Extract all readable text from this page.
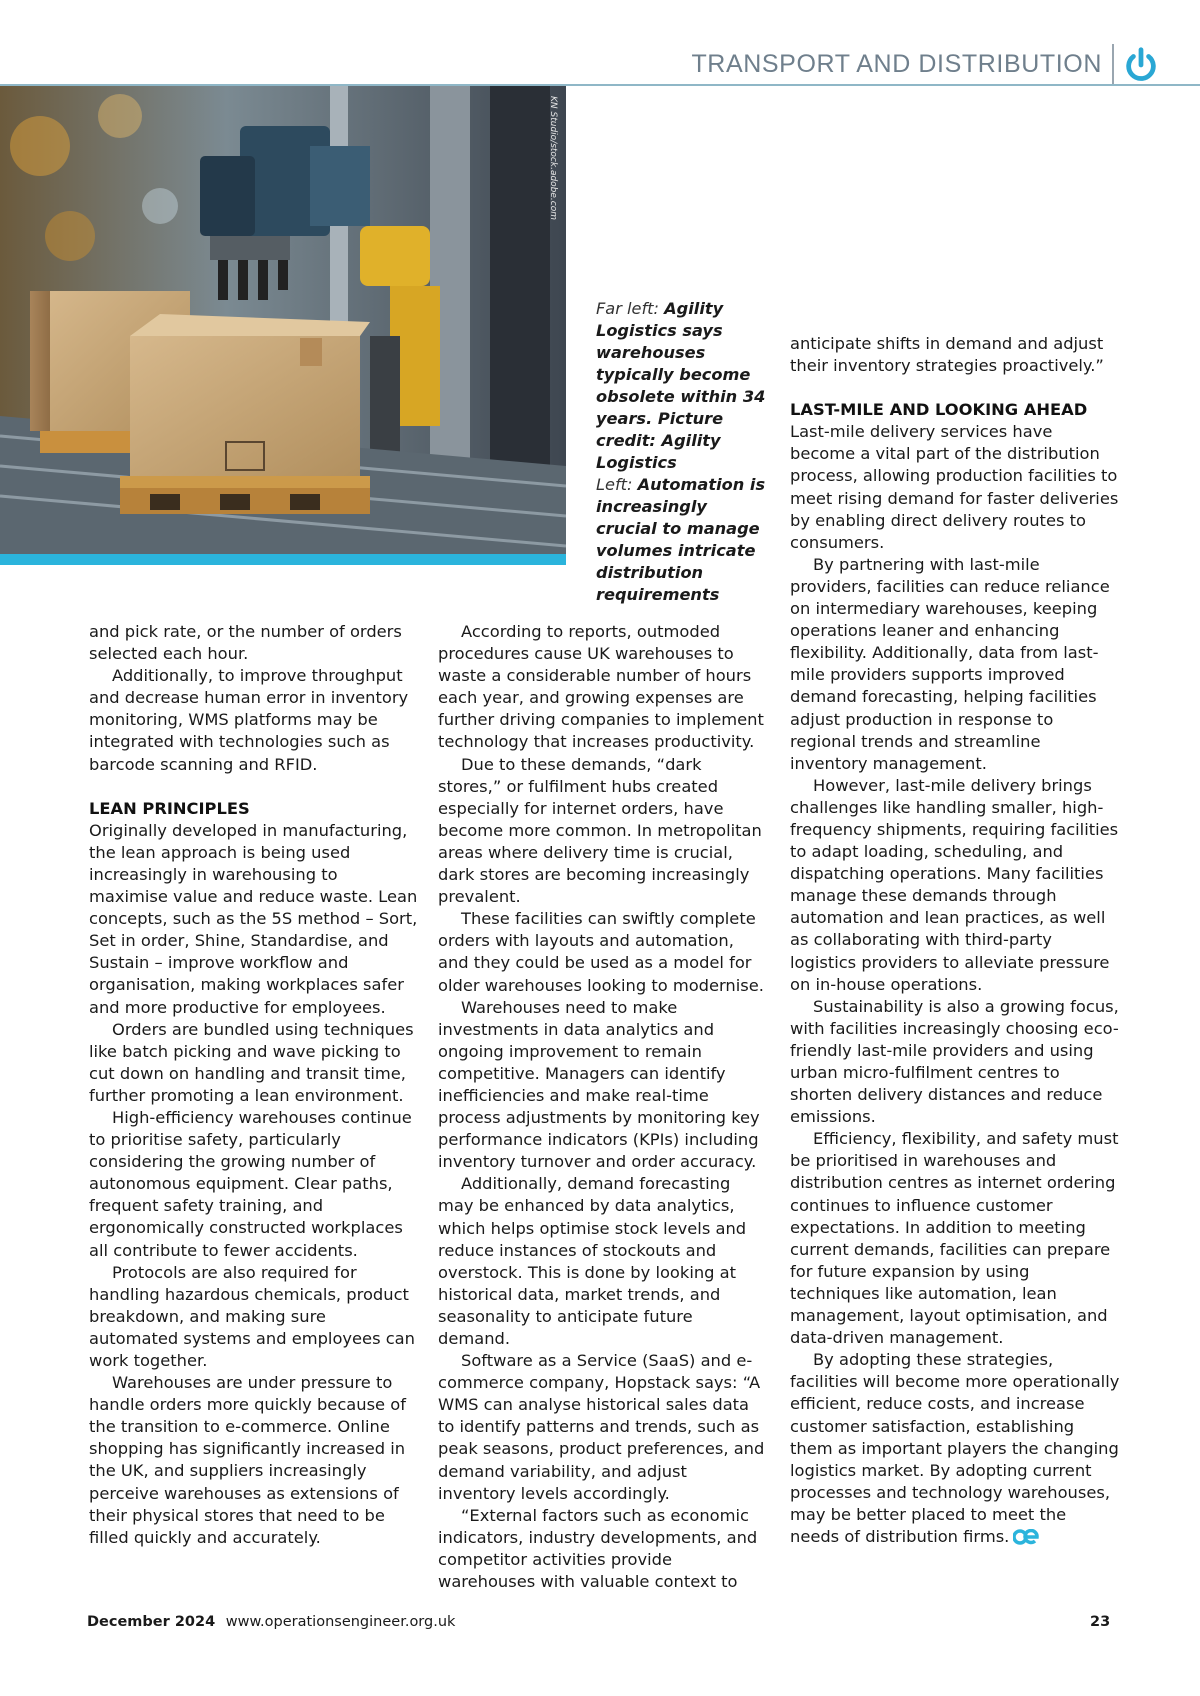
TRANSPORT AND DISTRIBUTION
KN Studio/stock.adobe.com
Far left: Agility Logistics says warehouses typically become obsolete within 34 years. Picture credit: Agility Logistics
Left: Automation is increasingly crucial to manage volumes intricate distribution requirements

and pick rate, or the number of orders selected each hour.

Additionally, to improve throughput and decrease human error in inventory monitoring, WMS platforms may be integrated with technologies such as barcode scanning and RFID.

LEAN PRINCIPLES

Originally developed in manufacturing, the lean approach is being used increasingly in warehousing to maximise value and reduce waste. Lean concepts, such as the 5S method – Sort, Set in order, Shine, Standardise, and Sustain – improve workflow and organisation, making workplaces safer and more productive for employees.

Orders are bundled using techniques like batch picking and wave picking to cut down on handling and transit time, further promoting a lean environment.

High-efficiency warehouses continue to prioritise safety, particularly considering the growing number of autonomous equipment. Clear paths, frequent safety training, and ergonomically constructed workplaces all contribute to fewer accidents.

Protocols are also required for handling hazardous chemicals, product breakdown, and making sure automated systems and employees can work together.

Warehouses are under pressure to handle orders more quickly because of the transition to e-commerce. Online shopping has significantly increased in the UK, and suppliers increasingly perceive warehouses as extensions of their physical stores that need to be filled quickly and accurately.

According to reports, outmoded procedures cause UK warehouses to waste a considerable number of hours each year, and growing expenses are further driving companies to implement technology that increases productivity.

Due to these demands, “dark stores,” or fulfilment hubs created especially for internet orders, have become more common. In metropolitan areas where delivery time is crucial, dark stores are becoming increasingly prevalent.

These facilities can swiftly complete orders with layouts and automation, and they could be used as a model for older warehouses looking to modernise.

Warehouses need to make investments in data analytics and ongoing improvement to remain competitive. Managers can identify inefficiencies and make real-time process adjustments by monitoring key performance indicators (KPIs) including inventory turnover and order accuracy.

Additionally, demand forecasting may be enhanced by data analytics, which helps optimise stock levels and reduce instances of stockouts and overstock. This is done by looking at historical data, market trends, and seasonality to anticipate future demand.

Software as a Service (SaaS) and e-commerce company, Hopstack says: “A WMS can analyse historical sales data to identify patterns and trends, such as peak seasons, product preferences, and demand variability, and adjust inventory levels accordingly.

“External factors such as economic indicators, industry developments, and competitor activities provide warehouses with valuable context to

anticipate shifts in demand and adjust their inventory strategies proactively.”

LAST-MILE AND LOOKING AHEAD

Last-mile delivery services have become a vital part of the distribution process, allowing production facilities to meet rising demand for faster deliveries by enabling direct delivery routes to consumers.

By partnering with last-mile providers, facilities can reduce reliance on intermediary warehouses, keeping operations leaner and enhancing flexibility. Additionally, data from last-mile providers supports improved demand forecasting, helping facilities adjust production in response to regional trends and streamline inventory management.

However, last-mile delivery brings challenges like handling smaller, high-frequency shipments, requiring facilities to adapt loading, scheduling, and dispatching operations. Many facilities manage these demands through automation and lean practices, as well as collaborating with third-party logistics providers to alleviate pressure on in-house operations.

Sustainability is also a growing focus, with facilities increasingly choosing eco-friendly last-mile providers and using urban micro-fulfilment centres to shorten delivery distances and reduce emissions.

Efficiency, flexibility, and safety must be prioritised in warehouses and distribution centres as internet ordering continues to influence customer expectations. In addition to meeting current demands, facilities can prepare for future expansion by using techniques like automation, lean management, layout optimisation, and data-driven management.

By adopting these strategies, facilities will become more operationally efficient, reduce costs, and increase customer satisfaction, establishing them as important players the changing logistics market. By adopting current processes and technology warehouses, may be better placed to meet the needs of distribution firms.

December 2024 www.operationsengineer.org.uk	23
